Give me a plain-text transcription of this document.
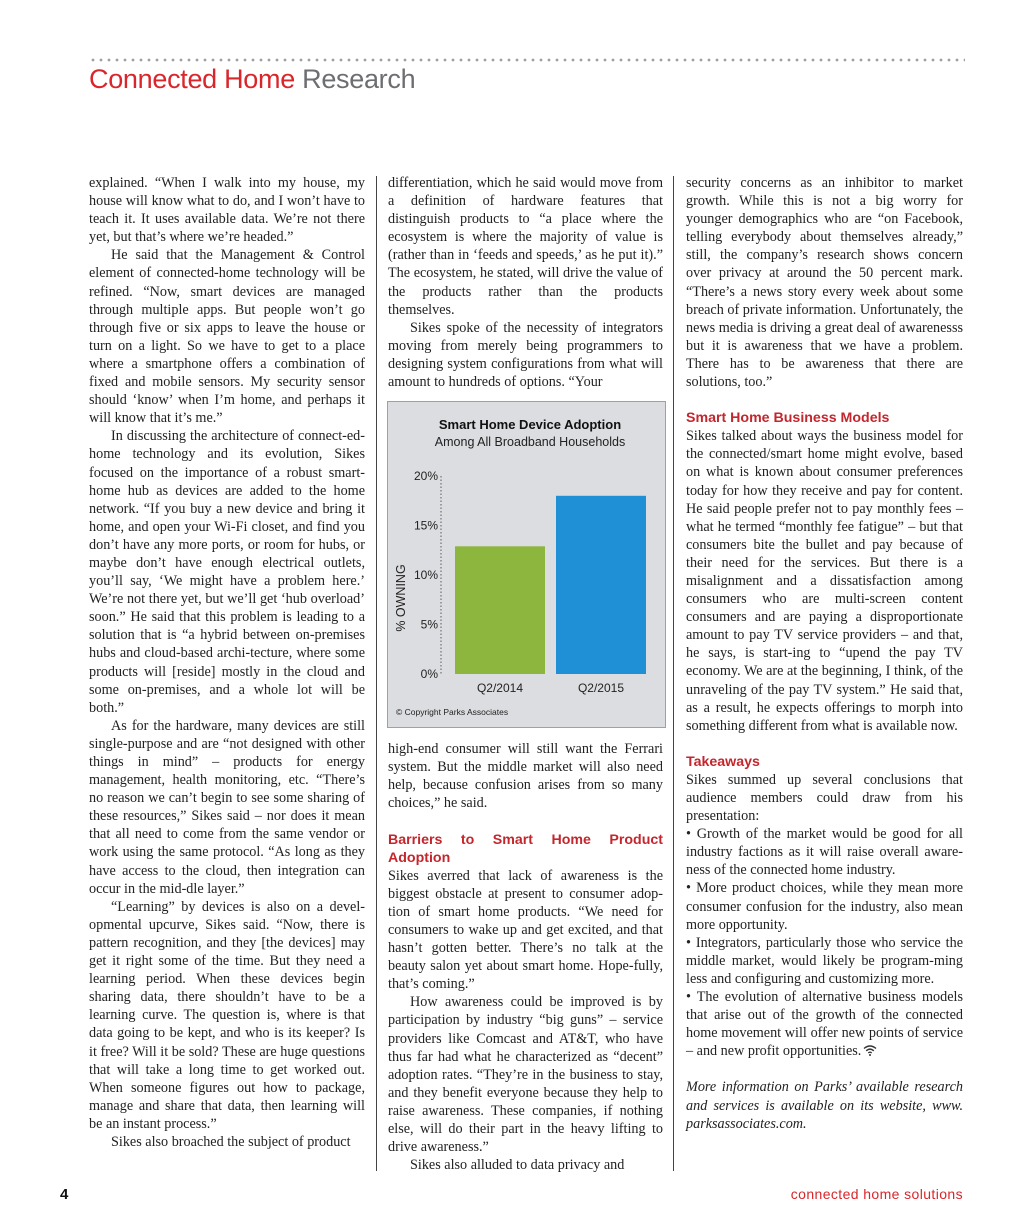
Connected Home Research

explained. “When I walk into my house, my house will know what to do, and I won’t have to teach it. It uses available data. We’re not there yet, but that’s where we’re headed.”

He said that the Management & Control element of connected-home technology will be refined. “Now, smart devices are managed through multiple apps. But people won’t go through five or six apps to leave the house or turn on a light. So we have to get to a place where a smartphone offers a combination of fixed and mobile sensors. My security sensor should ‘know’ when I’m home, and perhaps it will know that it’s me.”

In discussing the architecture of connect-ed-home technology and its evolution, Sikes focused on the importance of a robust smart-home hub as devices are added to the home network. “If you buy a new device and bring it home, and open your Wi-Fi closet, and find you don’t have any more ports, or room for hubs, or maybe don’t have enough electrical outlets, you’ll say, ‘We might have a problem here.’ We’re not there yet, but we’ll get ‘hub overload’ soon.” He said that this problem is leading to a solution that is “a hybrid between on-premises hubs and cloud-based archi-tecture, where some products will [reside] mostly in the cloud and some on-premises, and a whole lot will be both.”

As for the hardware, many devices are still single-purpose and are “not designed with other things in mind” – products for energy management, health monitoring, etc. “There’s no reason we can’t begin to see some sharing of these resources,” Sikes said – nor does it mean that all need to come from the same vendor or work using the same protocol. “As long as they have access to the cloud, then integration can occur in the mid-dle layer.”

“Learning” by devices is also on a devel-opmental upcurve, Sikes said. “Now, there is pattern recognition, and they [the devices] may get it right some of the time. But they need a learning period. When these devices begin sharing data, there shouldn’t have to be a learning curve. The question is, where is that data going to be kept, and who is its keeper? Is it free? Will it be sold? These are huge questions that will take a long time to get worked out. When someone figures out how to package, manage and share that data, then learning will be an instant process.”

Sikes also broached the subject of product

differentiation, which he said would move from a definition of hardware features that distinguish products to “a place where the ecosystem is where the majority of value is (rather than in ‘feeds and speeds,’ as he put it).” The ecosystem, he stated, will drive the value of the products rather than the products themselves.

Sikes spoke of the necessity of integrators moving from merely being programmers to designing system configurations from what will amount to hundreds of options. “Your

Smart Home Device Adoption
Among All Broadband Households
% OWNING
0%
5%
10%
15%
20%
Q2/2014	Q2/2015
© Copyright Parks Associates

high-end consumer will still want the Ferrari system. But the middle market will also need help, because confusion arises from so many choices,” he said.

Barriers to Smart Home Product Adoption

Sikes averred that lack of awareness is the biggest obstacle at present to consumer adop-tion of smart home products. “We need for consumers to wake up and get excited, and that hasn’t gotten better. There’s no talk at the beauty salon yet about smart home. Hope-fully, that’s coming.”

How awareness could be improved is by participation by industry “big guns” – service providers like Comcast and AT&T, who have thus far had what he characterized as “decent” adoption rates. “They’re in the business to stay, and they benefit everyone because they help to raise awareness. These companies, if nothing else, will do their part in the heavy lifting to drive awareness.”

Sikes also alluded to data privacy and

security concerns as an inhibitor to market growth. While this is not a big worry for younger demographics who are “on Facebook, telling everybody about themselves already,” still, the company’s research shows concern over privacy at around the 50 percent mark. “There’s a news story every week about some breach of private information. Unfortunately, the news media is driving a great deal of awarenesss but it is awareness that we have a problem. There has to be awareness that there are solutions, too.”

Smart Home Business Models

Sikes talked about ways the business model for the connected/smart home might evolve, based on what is known about consumer preferences today for how they receive and pay for content. He said people prefer not to pay monthly fees – what he termed “monthly fee fatigue” – but that consumers bite the bullet and pay because of their need for the services. But there is a misalignment and a dissatisfaction among consumers who are multi-screen content consumers and are paying a disproportionate amount to pay TV service providers – and that, he says, is start-ing to “upend the pay TV economy. We are at the beginning, I think, of the unraveling of the pay TV system.” He said that, as a result, he expects offerings to morph into something different from what is available now.

Takeaways

Sikes summed up several conclusions that audience members could draw from his presentation:

• Growth of the market would be good for all industry factions as it will raise overall aware-ness of the connected home industry.

• More product choices, while they mean more consumer confusion for the industry, also mean more opportunity.

• Integrators, particularly those who service the middle market, would likely be program-ming less and configuring and customizing more.

• The evolution of alternative business models that arise out of the growth of the connected home movement will offer new points of service – and new profit opportunities.

More information on Parks’ available research and services is available on its website, www. parksassociates.com.

4	connected home solutions
